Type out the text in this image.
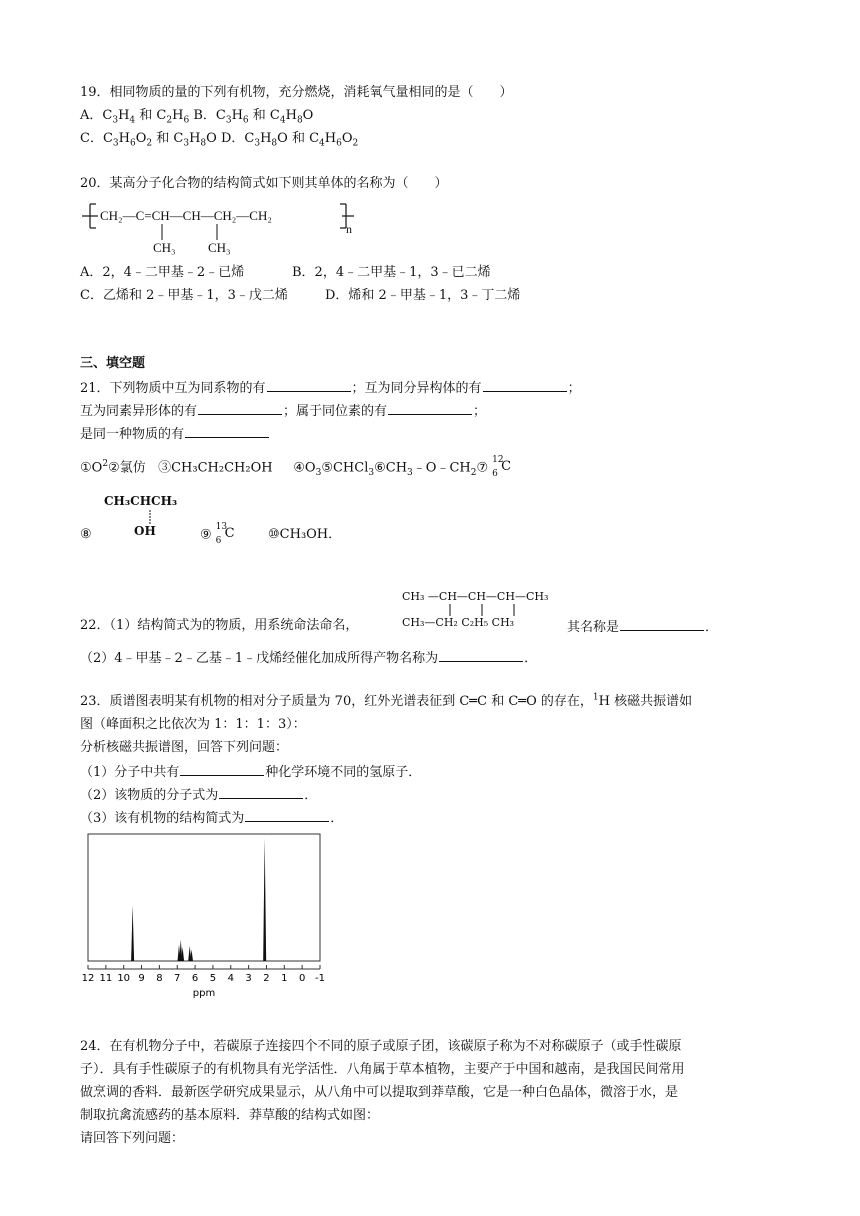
19．相同物质的量的下列有机物，充分燃烧，消耗氧气量相同的是（　　）
A．$C_3H_4$ 和 $C_2H_6$ B．$C_3H_6$ 和 $C_4H_8O$
C．$C_3H_6O_2$ 和 $C_3H_8O$ D．$C_3H_8O$ 和 $C_4H_6O_2$
20．某高分子化合物的结构简式如下则其单体的名称为（　　）
CH₂—C=CH—CH—CH₂—CH₂
CH₃ CH₃
n
A．2，4﹣二甲基﹣2﹣已烯	B．2，4﹣二甲基﹣1，3﹣已二烯
C．乙烯和 2﹣甲基﹣1，3﹣戊二烯	D．烯和 2﹣甲基﹣1，3﹣丁二烯
三、填空题
21．下列物质中互为同系物的有	；互为同分异构体的有	；
互为同素异形体的有	；属于同位素的有	；
是同一种物质的有
$①O^2②$氯仿 ③CH₃CH₂CH₂OH $④O_3⑤CHCl_3⑥CH_3﹣O﹣CH_2⑦$
12
6 C
CH₃CHCH₃
OH
⑧	⑨
13
6 C	⑩CH₃OH．
CH₃ —CH—CH—CH—CH₃
CH₃—CH₂ C₂H₅ CH₃
22．（1）结构简式为的物质，用系统命法命名，	其名称是	．
（2）4﹣甲基﹣2﹣乙基﹣1﹣戊烯经催化加成所得产物名称为	．
23．质谱图表明某有机物的相对分子质量为 70，红外光谱表征到 C═C 和 C═O 的存在，$^1$H 核磁共振谱如
图（峰面积之比依次为 1：1：1：3）：
分析核磁共振谱图，回答下列问题：
（1）分子中共有	种化学环境不同的氢原子．
（2）该物质的分子式为	．
（3）该有机物的结构简式为	．
12 11 10 9 8 7 6 5 4 3 2 1 0 -1
ppm
24．在有机物分子中，若碳原子连接四个不同的原子或原子团，该碳原子称为不对称碳原子（或手性碳原
子）．具有手性碳原子的有机物具有光学活性．八角属于草本植物，主要产于中国和越南，是我国民间常用
做烹调的香料．最新医学研究成果显示，从八角中可以提取到莽草酸，它是一种白色晶体，微溶于水，是
制取抗禽流感药的基本原料．莽草酸的结构式如图：
请回答下列问题：
